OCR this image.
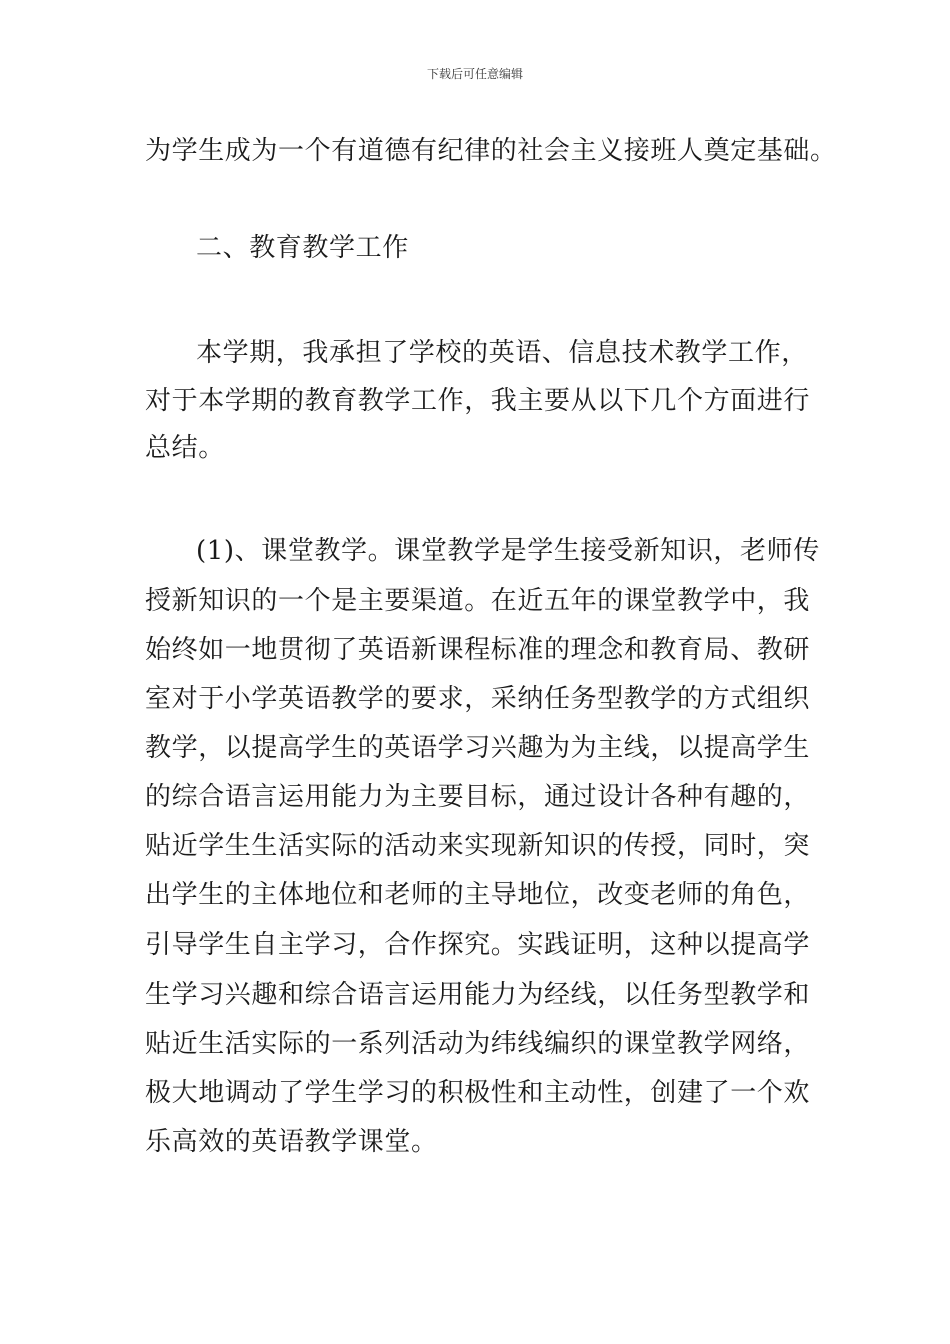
下载后可任意编辑
为学生成为一个有道德有纪律的社会主义接班人奠定基础。
二、教育教学工作
本学期，我承担了学校的英语、信息技术教学工作，
对于本学期的教育教学工作，我主要从以下几个方面进行
总结。
(1)、课堂教学。课堂教学是学生接受新知识，老师传
授新知识的一个是主要渠道。在近五年的课堂教学中，我
始终如一地贯彻了英语新课程标准的理念和教育局、教研
室对于小学英语教学的要求，采纳任务型教学的方式组织
教学，以提高学生的英语学习兴趣为为主线，以提高学生
的综合语言运用能力为主要目标，通过设计各种有趣的，
贴近学生生活实际的活动来实现新知识的传授，同时，突
出学生的主体地位和老师的主导地位，改变老师的角色，
引导学生自主学习，合作探究。实践证明，这种以提高学
生学习兴趣和综合语言运用能力为经线，以任务型教学和
贴近生活实际的一系列活动为纬线编织的课堂教学网络，
极大地调动了学生学习的积极性和主动性，创建了一个欢
乐高效的英语教学课堂。
